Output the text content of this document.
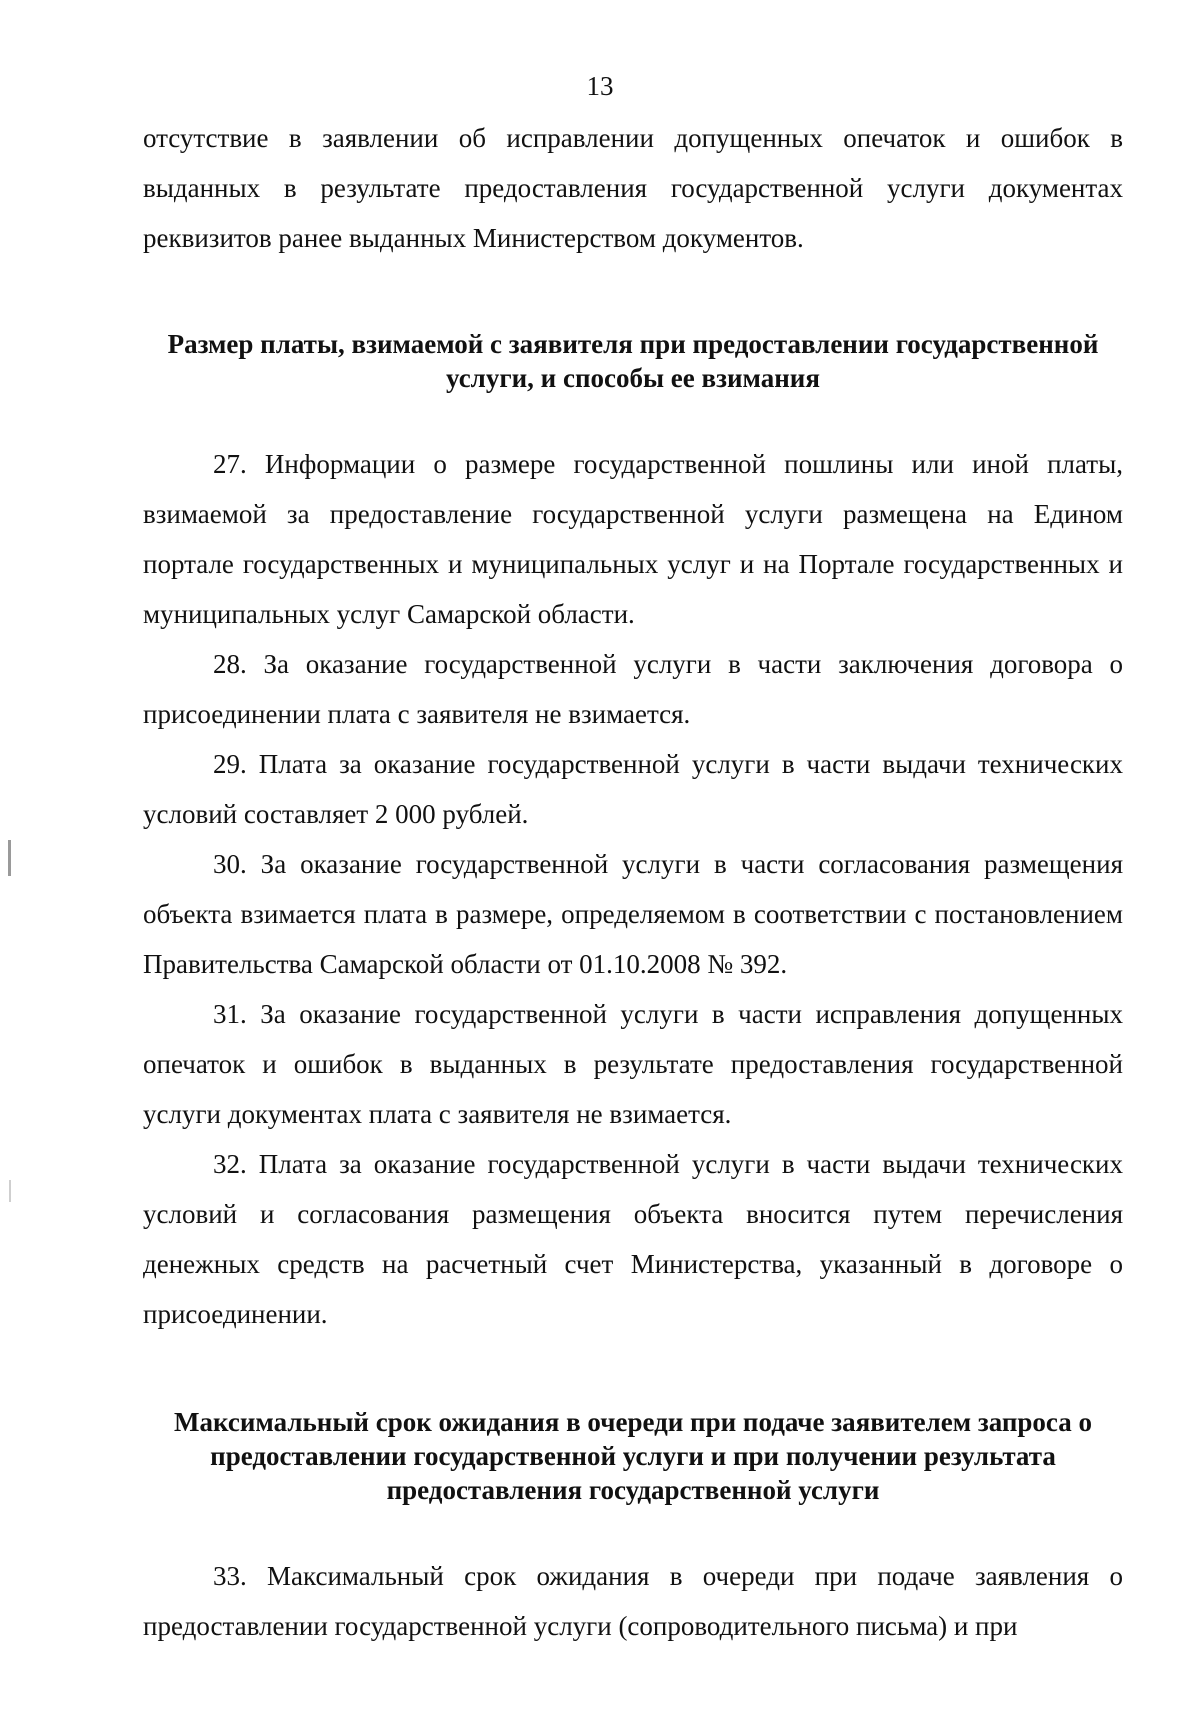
13

отсутствие в заявлении об исправлении допущенных опечаток и ошибок в выданных в результате предоставления государственной услуги документах реквизитов ранее выданных Министерством документов.

Размер платы, взимаемой с заявителя при предоставлении государственной услуги, и способы ее взимания

27. Информации о размере государственной пошлины или иной платы, взимаемой за предоставление государственной услуги размещена на Едином портале государственных и муниципальных услуг и на Портале государственных и муниципальных услуг Самарской области.

28. За оказание государственной услуги в части заключения договора о присоединении плата с заявителя не взимается.

29. Плата за оказание государственной услуги в части выдачи технических условий составляет 2 000 рублей.

30. За оказание государственной услуги в части согласования размещения объекта взимается плата в размере, определяемом в соответствии с постановлением Правительства Самарской области от 01.10.2008 № 392.

31. За оказание государственной услуги в части исправления допущенных опечаток и ошибок в выданных в результате предоставления государственной услуги документах плата с заявителя не взимается.

32. Плата за оказание государственной услуги в части выдачи технических условий и согласования размещения объекта вносится путем перечисления денежных средств на расчетный счет Министерства, указанный в договоре о присоединении.

Максимальный срок ожидания в очереди при подаче заявителем запроса о предоставлении государственной услуги и при получении результата предоставления государственной услуги

33. Максимальный срок ожидания в очереди при подаче заявления о предоставлении государственной услуги (сопроводительного письма) и при
